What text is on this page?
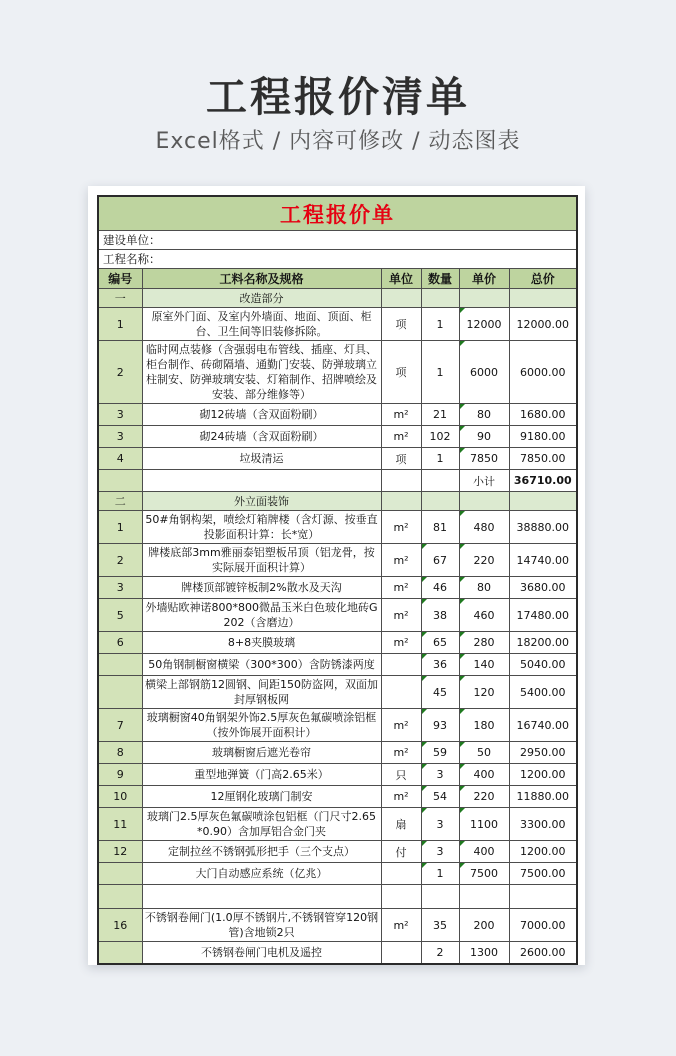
工程报价清单
Excel格式 / 内容可修改 / 动态图表
工程报价单					
建设单位：					
工程名称：					
编号	工料名称及规格	单位	数量	单价	总价
一	改造部分				
1	原室外门面、及室内外墙面、地面、顶面、柜台、卫生间等旧装修拆除。	项	1	12000	12000.00
2	临时网点装修（含强弱电布管线、插座、灯具、柜台制作、砖砌隔墙、通勤门安装、防弹玻璃立柱制安、防弹玻璃安装、灯箱制作、招牌喷绘及安装、部分维修等）	项	1	6000	6000.00
3	砌12砖墙（含双面粉刷）	m²	21	80	1680.00
3	砌24砖墙（含双面粉刷）	m²	102	90	9180.00
4	垃圾清运	项	1	7850	7850.00
				小计	36710.00
二	外立面装饰				
1	50#角钢构架，喷绘灯箱牌楼（含灯源、按垂直投影面积计算：长*宽）	m²	81	480	38880.00
2	牌楼底部3mm雅丽泰铝塑板吊顶（铝龙骨，按实际展开面积计算）	m²	67	220	14740.00
3	牌楼顶部镀锌板制2%散水及天沟	m²	46	80	3680.00
5	外墙贴欧神诺800*800微晶玉米白色玻化地砖G202（含磨边）	m²	38	460	17480.00
6	8+8夹膜玻璃	m²	65	280	18200.00
	50角钢制橱窗横梁（300*300）含防锈漆两度		36	140	5040.00
	横梁上部钢筋12圆钢、间距150防盗网，双面加封厚钢板网		45	120	5400.00
7	玻璃橱窗40角钢架外饰2.5厚灰色氟碳喷涂铝框（按外饰展开面积计）	m²	93	180	16740.00
8	玻璃橱窗后遮光卷帘	m²	59	50	2950.00
9	重型地弹簧（门高2.65米）	只	3	400	1200.00
10	12厘钢化玻璃门制安	m²	54	220	11880.00
11	玻璃门2.5厚灰色氟碳喷涂包铝框（门尺寸2.65*0.90）含加厚铝合金门夹	扇	3	1100	3300.00
12	定制拉丝不锈钢弧形把手（三个支点）	付	3	400	1200.00
	大门自动感应系统（亿兆）		1	7500	7500.00

16	不锈钢卷闸门(1.0厚不锈钢片,不锈钢管穿120钢管)含地锁2只	m²	35	200	7000.00
	不锈钢卷闸门电机及遥控		2	1300	2600.00
